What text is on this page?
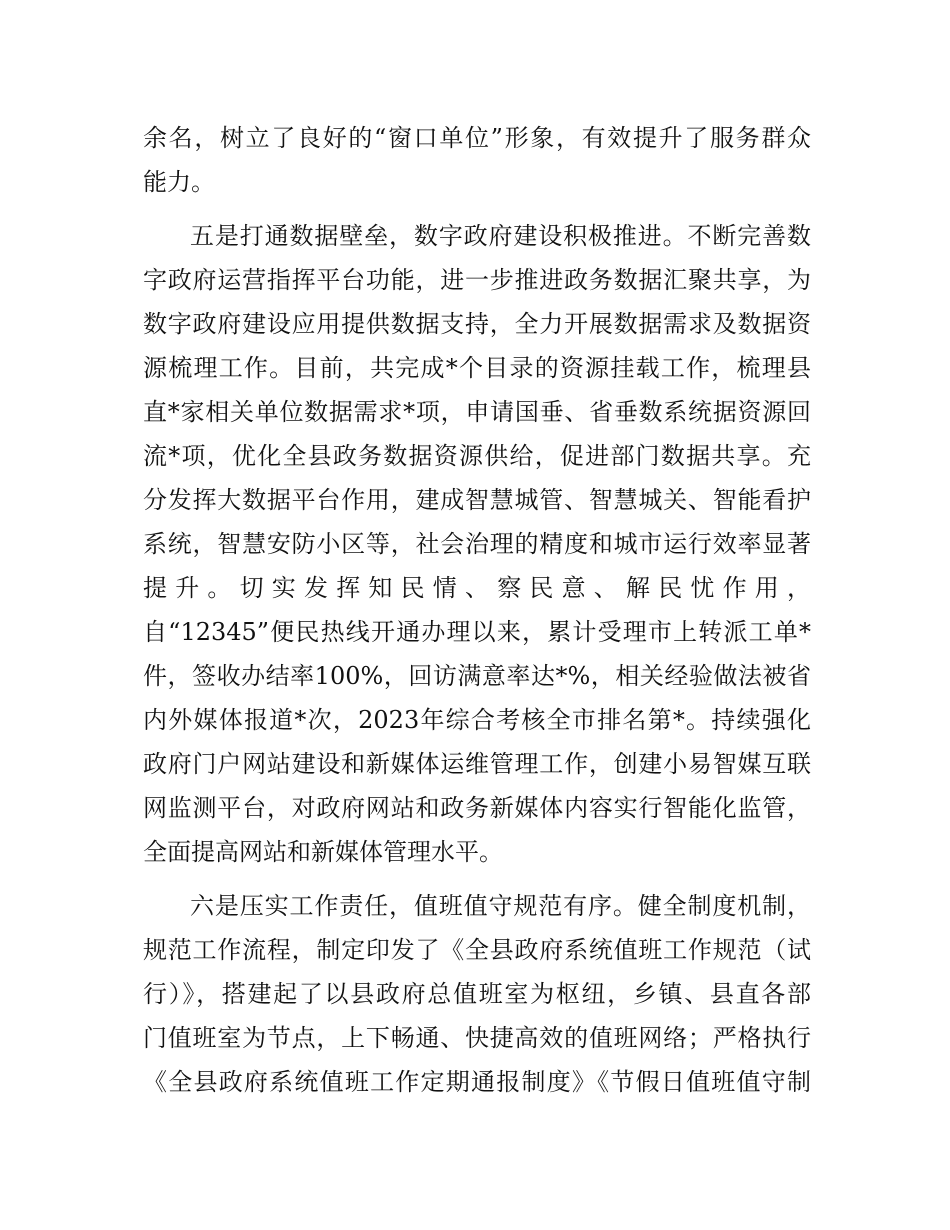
余名，树立了良好的“窗口单位”形象，有效提升了服务群众
能力。
五是打通数据壁垒，数字政府建设积极推进。不断完善数
字政府运营指挥平台功能，进一步推进政务数据汇聚共享，为
数字政府建设应用提供数据支持，全力开展数据需求及数据资
源梳理工作。目前，共完成*个目录的资源挂载工作，梳理县
直*家相关单位数据需求*项，申请国垂、省垂数系统据资源回
流*项，优化全县政务数据资源供给，促进部门数据共享。充
分发挥大数据平台作用，建成智慧城管、智慧城关、智能看护
系统，智慧安防小区等，社会治理的精度和城市运行效率显著
提升。切实发挥知民情、察民意、解民忧作用，
自“12345”便民热线开通办理以来，累计受理市上转派工单*
件，签收办结率100%，回访满意率达*%，相关经验做法被省
内外媒体报道*次，2023年综合考核全市排名第*。持续强化
政府门户网站建设和新媒体运维管理工作，创建小易智媒互联
网监测平台，对政府网站和政务新媒体内容实行智能化监管，
全面提高网站和新媒体管理水平。
六是压实工作责任，值班值守规范有序。健全制度机制，
规范工作流程，制定印发了《全县政府系统值班工作规范（试
行）》，搭建起了以县政府总值班室为枢纽，乡镇、县直各部
门值班室为节点，上下畅通、快捷高效的值班网络；严格执行
《全县政府系统值班工作定期通报制度》《节假日值班值守制
